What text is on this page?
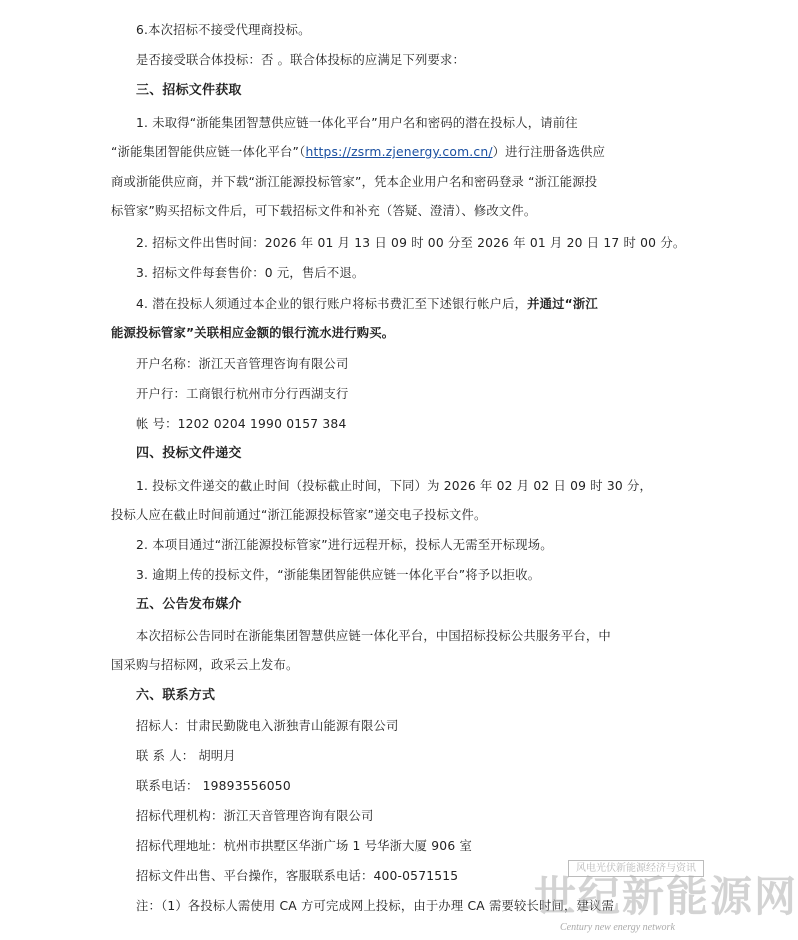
6.本次招标不接受代理商投标。
是否接受联合体投标：否 。联合体投标的应满足下列要求：
三、招标文件获取
1. 未取得“浙能集团智慧供应链一体化平台”用户名和密码的潜在投标人，请前往
“浙能集团智能供应链一体化平台”（https://zsrm.zjenergy.com.cn/）进行注册备选供应
商或浙能供应商，并下载“浙江能源投标管家”，凭本企业用户名和密码登录 “浙江能源投
标管家”购买招标文件后，可下载招标文件和补充（答疑、澄清）、修改文件。
2. 招标文件出售时间：2026 年 01 月 13 日 09 时 00 分至 2026 年 01 月 20 日 17 时 00 分。
3. 招标文件每套售价：0 元，售后不退。
4. 潜在投标人须通过本企业的银行账户将标书费汇至下述银行帐户后，并通过“浙江
能源投标管家”关联相应金额的银行流水进行购买。
开户名称：浙江天音管理咨询有限公司
开户行：工商银行杭州市分行西湖支行
帐 号：1202 0204 1990 0157 384
四、投标文件递交
1. 投标文件递交的截止时间（投标截止时间，下同）为 2026 年 02 月 02 日 09 时 30 分，
投标人应在截止时间前通过“浙江能源投标管家”递交电子投标文件。
2. 本项目通过“浙江能源投标管家”进行远程开标，投标人无需至开标现场。
3. 逾期上传的投标文件，“浙能集团智能供应链一体化平台”将予以拒收。
五、公告发布媒介
本次招标公告同时在浙能集团智慧供应链一体化平台，中国招标投标公共服务平台，中
国采购与招标网，政采云上发布。
六、联系方式
招标人：甘肃民勤陇电入浙独青山能源有限公司
联 系 人： 胡明月
联系电话： 19893556050
招标代理机构：浙江天音管理咨询有限公司
招标代理地址：杭州市拱墅区华浙广场 1 号华浙大厦 906 室
招标文件出售、平台操作，客服联系电话：400-0571515
注：（1）各投标人需使用 CA 方可完成网上投标，由于办理 CA 需要较长时间，建议需
风电光伏新能源经济与资讯
世纪新能源网
Century new energy network
